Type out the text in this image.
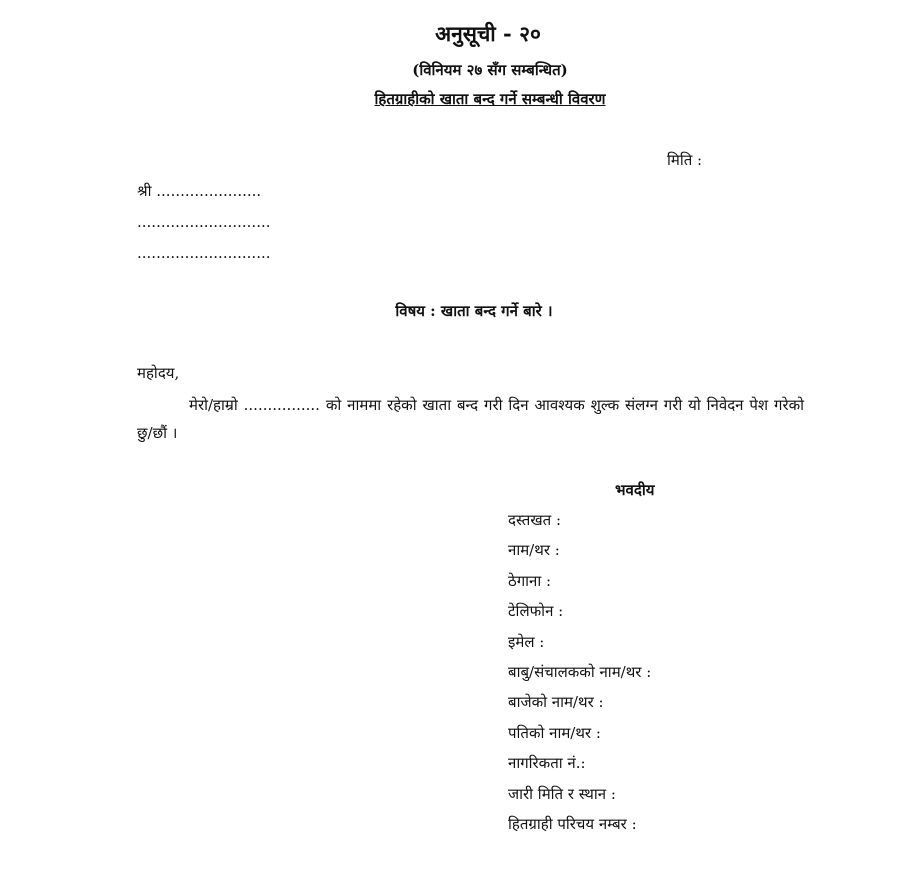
अनुसूची - २०
(विनियम २७ सँग सम्बन्धित)
हितग्राहीको खाता बन्द गर्ने सम्बन्धी विवरण
मिति :
श्री ......................
............................
............................
विषय : खाता बन्द गर्ने बारे ।
महोदय,
मेरो/हाम्रो ................ को नाममा रहेको खाता बन्द गरी दिन आवश्यक शुल्क संलग्न गरी यो निवेदन पेश गरेको छु/छौं ।
भवदीय
दस्तखत :
नाम/थर :
ठेगाना :
टेलिफोन :
इमेल :
बाबु/संचालकको नाम/थर :
बाजेको नाम/थर :
पतिको नाम/थर :
नागरिकता नं.:
जारी मिति र स्थान :
हितग्राही परिचय नम्बर :
